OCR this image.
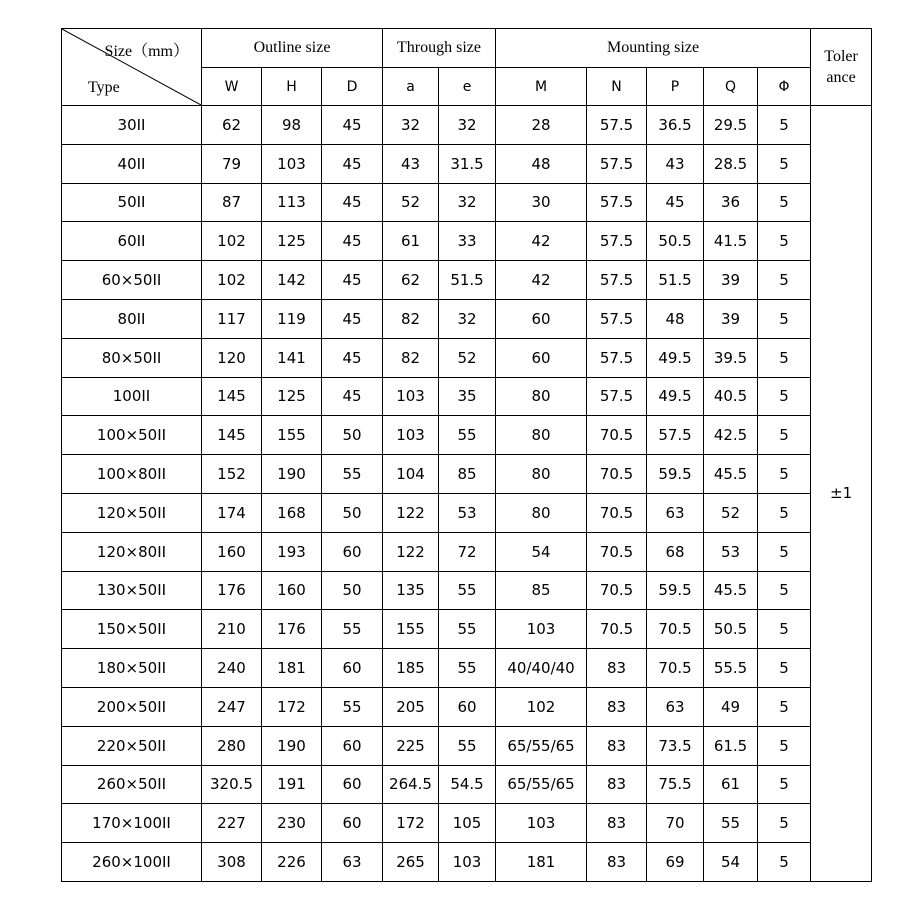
Size（mm）
Type	Outline size			Through size		Mounting size					Toler
ance
	W	H	D	a	e	M	N	P	Q	Φ	
30ΙΙ	62	98	45	32	32	28	57.5	36.5	29.5	5	±1
40ΙΙ	79	103	45	43	31.5	48	57.5	43	28.5	5	
50ΙΙ	87	113	45	52	32	30	57.5	45	36	5	
60ΙΙ	102	125	45	61	33	42	57.5	50.5	41.5	5	
60×50ΙΙ	102	142	45	62	51.5	42	57.5	51.5	39	5	
80ΙΙ	117	119	45	82	32	60	57.5	48	39	5	
80×50ΙΙ	120	141	45	82	52	60	57.5	49.5	39.5	5	
100ΙΙ	145	125	45	103	35	80	57.5	49.5	40.5	5	
100×50ΙΙ	145	155	50	103	55	80	70.5	57.5	42.5	5	
100×80ΙΙ	152	190	55	104	85	80	70.5	59.5	45.5	5	
120×50ΙΙ	174	168	50	122	53	80	70.5	63	52	5	
120×80ΙΙ	160	193	60	122	72	54	70.5	68	53	5	
130×50ΙΙ	176	160	50	135	55	85	70.5	59.5	45.5	5	
150×50ΙΙ	210	176	55	155	55	103	70.5	70.5	50.5	5	
180×50ΙΙ	240	181	60	185	55	40/40/40	83	70.5	55.5	5	
200×50ΙΙ	247	172	55	205	60	102	83	63	49	5	
220×50ΙΙ	280	190	60	225	55	65/55/65	83	73.5	61.5	5	
260×50ΙΙ	320.5	191	60	264.5	54.5	65/55/65	83	75.5	61	5	
170×100ΙΙ	227	230	60	172	105	103	83	70	55	5	
260×100ΙΙ	308	226	63	265	103	181	83	69	54	5	
